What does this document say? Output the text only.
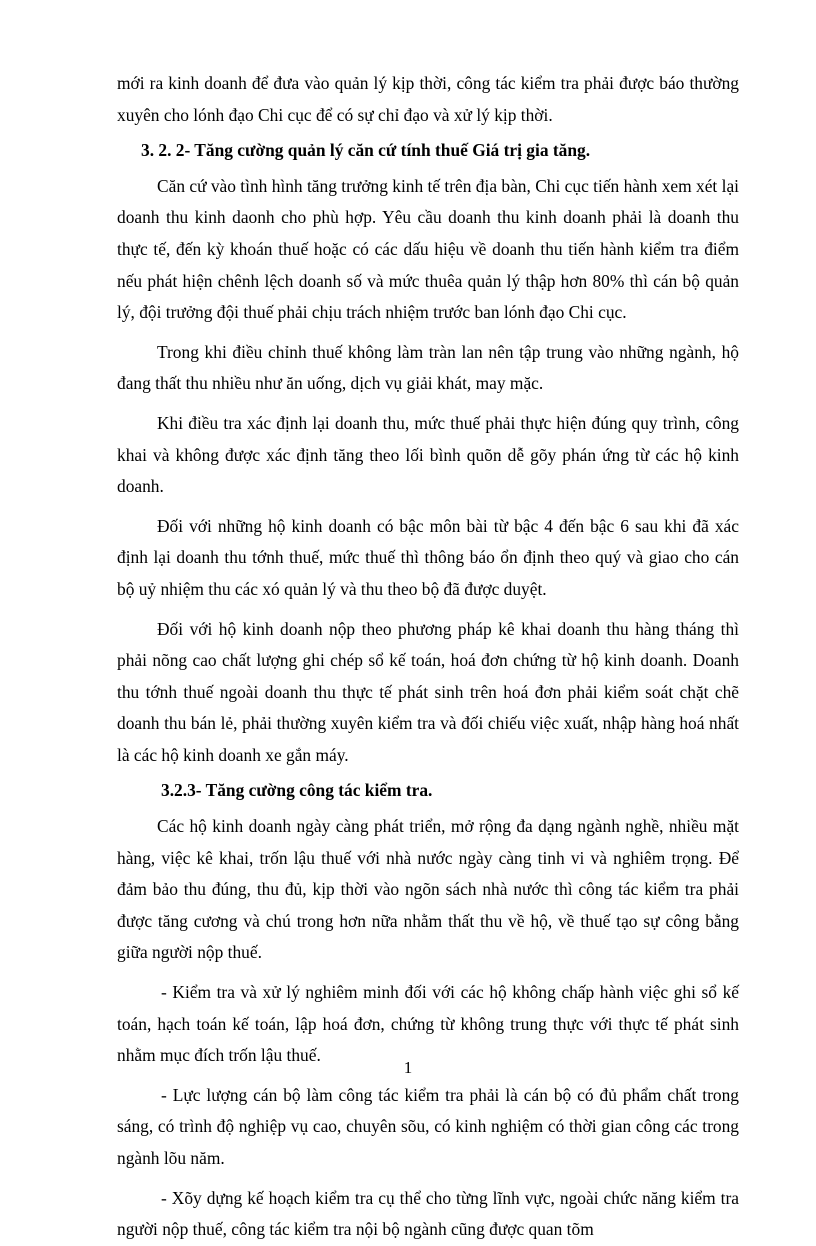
mới ra kinh doanh để đưa vào quản lý kịp thời, công tác kiểm tra phải được báo thường xuyên cho lónh đạo Chi cục để có sự chỉ đạo và xử lý kịp thời.

3. 2. 2- Tăng cường quản lý căn cứ tính thuế Giá trị gia tăng.

Căn cứ vào tình hình tăng trưởng kinh tế trên địa bàn, Chi cục tiến hành xem xét lại doanh thu kinh daonh cho phù hợp. Yêu cầu doanh thu kinh doanh phải là doanh thu thực tế, đến kỳ khoán thuế hoặc có các dấu hiệu về doanh thu tiến hành kiểm tra điểm nếu phát hiện chênh lệch doanh số và mức thuêa quản lý thập hơn 80% thì cán bộ quản lý, đội trưởng đội thuế phải chịu trách nhiệm trước ban lónh đạo Chi cục.

Trong khi điều chỉnh thuế không làm tràn lan nên tập trung vào những ngành, hộ đang thất thu nhiều như ăn uống, dịch vụ giải khát, may mặc.

Khi điều tra xác định lại doanh thu, mức thuế phải thực hiện đúng quy trình, công khai và không được xác định tăng theo lối bình quõn dễ gõy phán ứng từ các hộ kinh doanh.

Đối với những hộ kinh doanh có bậc môn bài từ bậc 4 đến bậc 6 sau khi đã xác định lại doanh thu tớnh thuế, mức thuế thì thông báo ổn định theo quý và giao cho cán bộ uỷ nhiệm thu các xó quản lý và thu theo bộ đã được duyệt.

Đối với hộ kinh doanh nộp theo phương pháp kê khai doanh thu hàng tháng thì phải nõng cao chất lượng ghi chép sổ kế toán, hoá đơn chứng từ hộ kinh doanh. Doanh thu tớnh thuế ngoài doanh thu thực tế phát sinh trên hoá đơn phải kiểm soát chặt chẽ doanh thu bán lẻ, phải thường xuyên kiểm tra và đối chiếu việc xuất, nhập hàng hoá nhất là các hộ kinh doanh xe gắn máy.

3.2.3- Tăng cường công tác kiểm tra.

Các hộ kinh doanh ngày càng phát triển, mở rộng đa dạng ngành nghề, nhiều mặt hàng, việc kê khai, trốn lậu thuế với nhà nước ngày càng tinh vi và nghiêm trọng. Để đảm bảo thu đúng, thu đủ, kịp thời vào ngõn sách nhà nước thì công tác kiểm tra phải được tăng cương và chú trong hơn nữa nhằm thất thu về hộ, về thuế tạo sự công bằng giữa người nộp thuế.

- Kiểm tra và xử lý nghiêm minh đối với các hộ không chấp hành việc ghi sổ kế toán, hạch toán kế toán, lập hoá đơn, chứng từ không trung thực với thực tế phát sinh nhằm mục đích trốn lậu thuế.

- Lực lượng cán bộ làm công tác kiểm tra phải là cán bộ có đủ phẩm chất trong sáng, có trình độ nghiệp vụ cao, chuyên sõu, có kinh nghiệm có thời gian công các trong ngành lõu năm.

- Xõy dựng kế hoạch kiểm tra cụ thể cho từng lĩnh vực, ngoài chức năng kiểm tra người nộp thuế, công tác kiểm tra nội bộ ngành cũng được quan tõm

1
